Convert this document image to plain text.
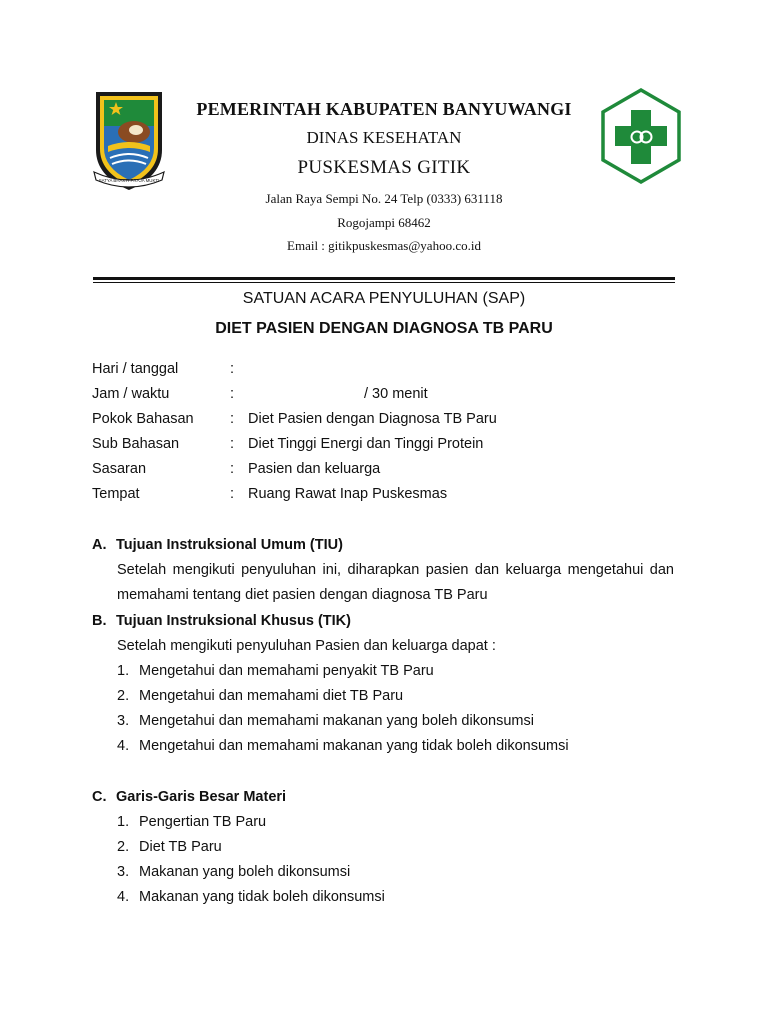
SATYA BHAKTI PRAJA MUKTI
PEMERINTAH KABUPATEN BANYUWANGI
DINAS KESEHATAN
PUSKESMAS GITIK
Jalan Raya Sempi No. 24 Telp (0333) 631118
Rogojampi 68462
Email : gitikpuskesmas@yahoo.co.id
SATUAN ACARA PENYULUHAN (SAP)
DIET PASIEN DENGAN DIAGNOSA TB PARU
Hari / tanggal	:
Jam / waktu	:	/ 30 menit
Pokok Bahasan	: Diet Pasien dengan Diagnosa TB Paru
Sub Bahasan	: Diet Tinggi Energi dan Tinggi Protein
Sasaran	: Pasien dan keluarga
Tempat	: Ruang Rawat Inap Puskesmas
A. Tujuan Instruksional Umum (TIU)
Setelah mengikuti penyuluhan ini, diharapkan pasien dan keluarga mengetahui dan memahami tentang diet pasien dengan diagnosa TB Paru
B. Tujuan Instruksional Khusus (TIK)
Setelah mengikuti penyuluhan Pasien dan keluarga dapat :
1. Mengetahui dan memahami penyakit TB Paru
2. Mengetahui dan memahami diet TB Paru
3. Mengetahui dan memahami makanan yang boleh dikonsumsi
4. Mengetahui dan memahami makanan yang tidak boleh dikonsumsi
C. Garis-Garis Besar Materi
1. Pengertian TB Paru
2. Diet TB Paru
3. Makanan yang boleh dikonsumsi
4. Makanan yang tidak boleh dikonsumsi
